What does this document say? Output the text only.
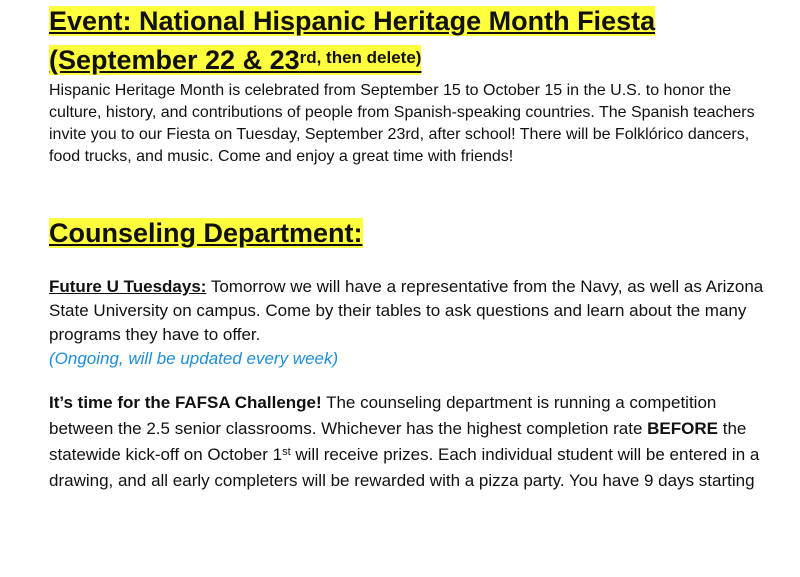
Event: National Hispanic Heritage Month Fiesta
(September 22 & $23^{rd, then delete)}$
Hispanic Heritage Month is celebrated from September 15 to October 15 in the U.S. to honor the culture, history, and contributions of people from Spanish-speaking countries. The Spanish teachers invite you to our Fiesta on Tuesday, September 23rd, after school! There will be Folklórico dancers, food trucks, and music. Come and enjoy a great time with friends!
Counseling Department:
Future U Tuesdays: Tomorrow we will have a representative from the Navy, as well as Arizona State University on campus. Come by their tables to ask questions and learn about the many programs they have to offer.
(Ongoing, will be updated every week)
It’s time for the FAFSA Challenge! The counseling department is running a competition between the 2.5 senior classrooms. Whichever has the highest completion rate BEFORE the statewide kick-off on October 1st will receive prizes. Each individual student will be entered in a drawing, and all early completers will be rewarded with a pizza party. You have 9 days starting
